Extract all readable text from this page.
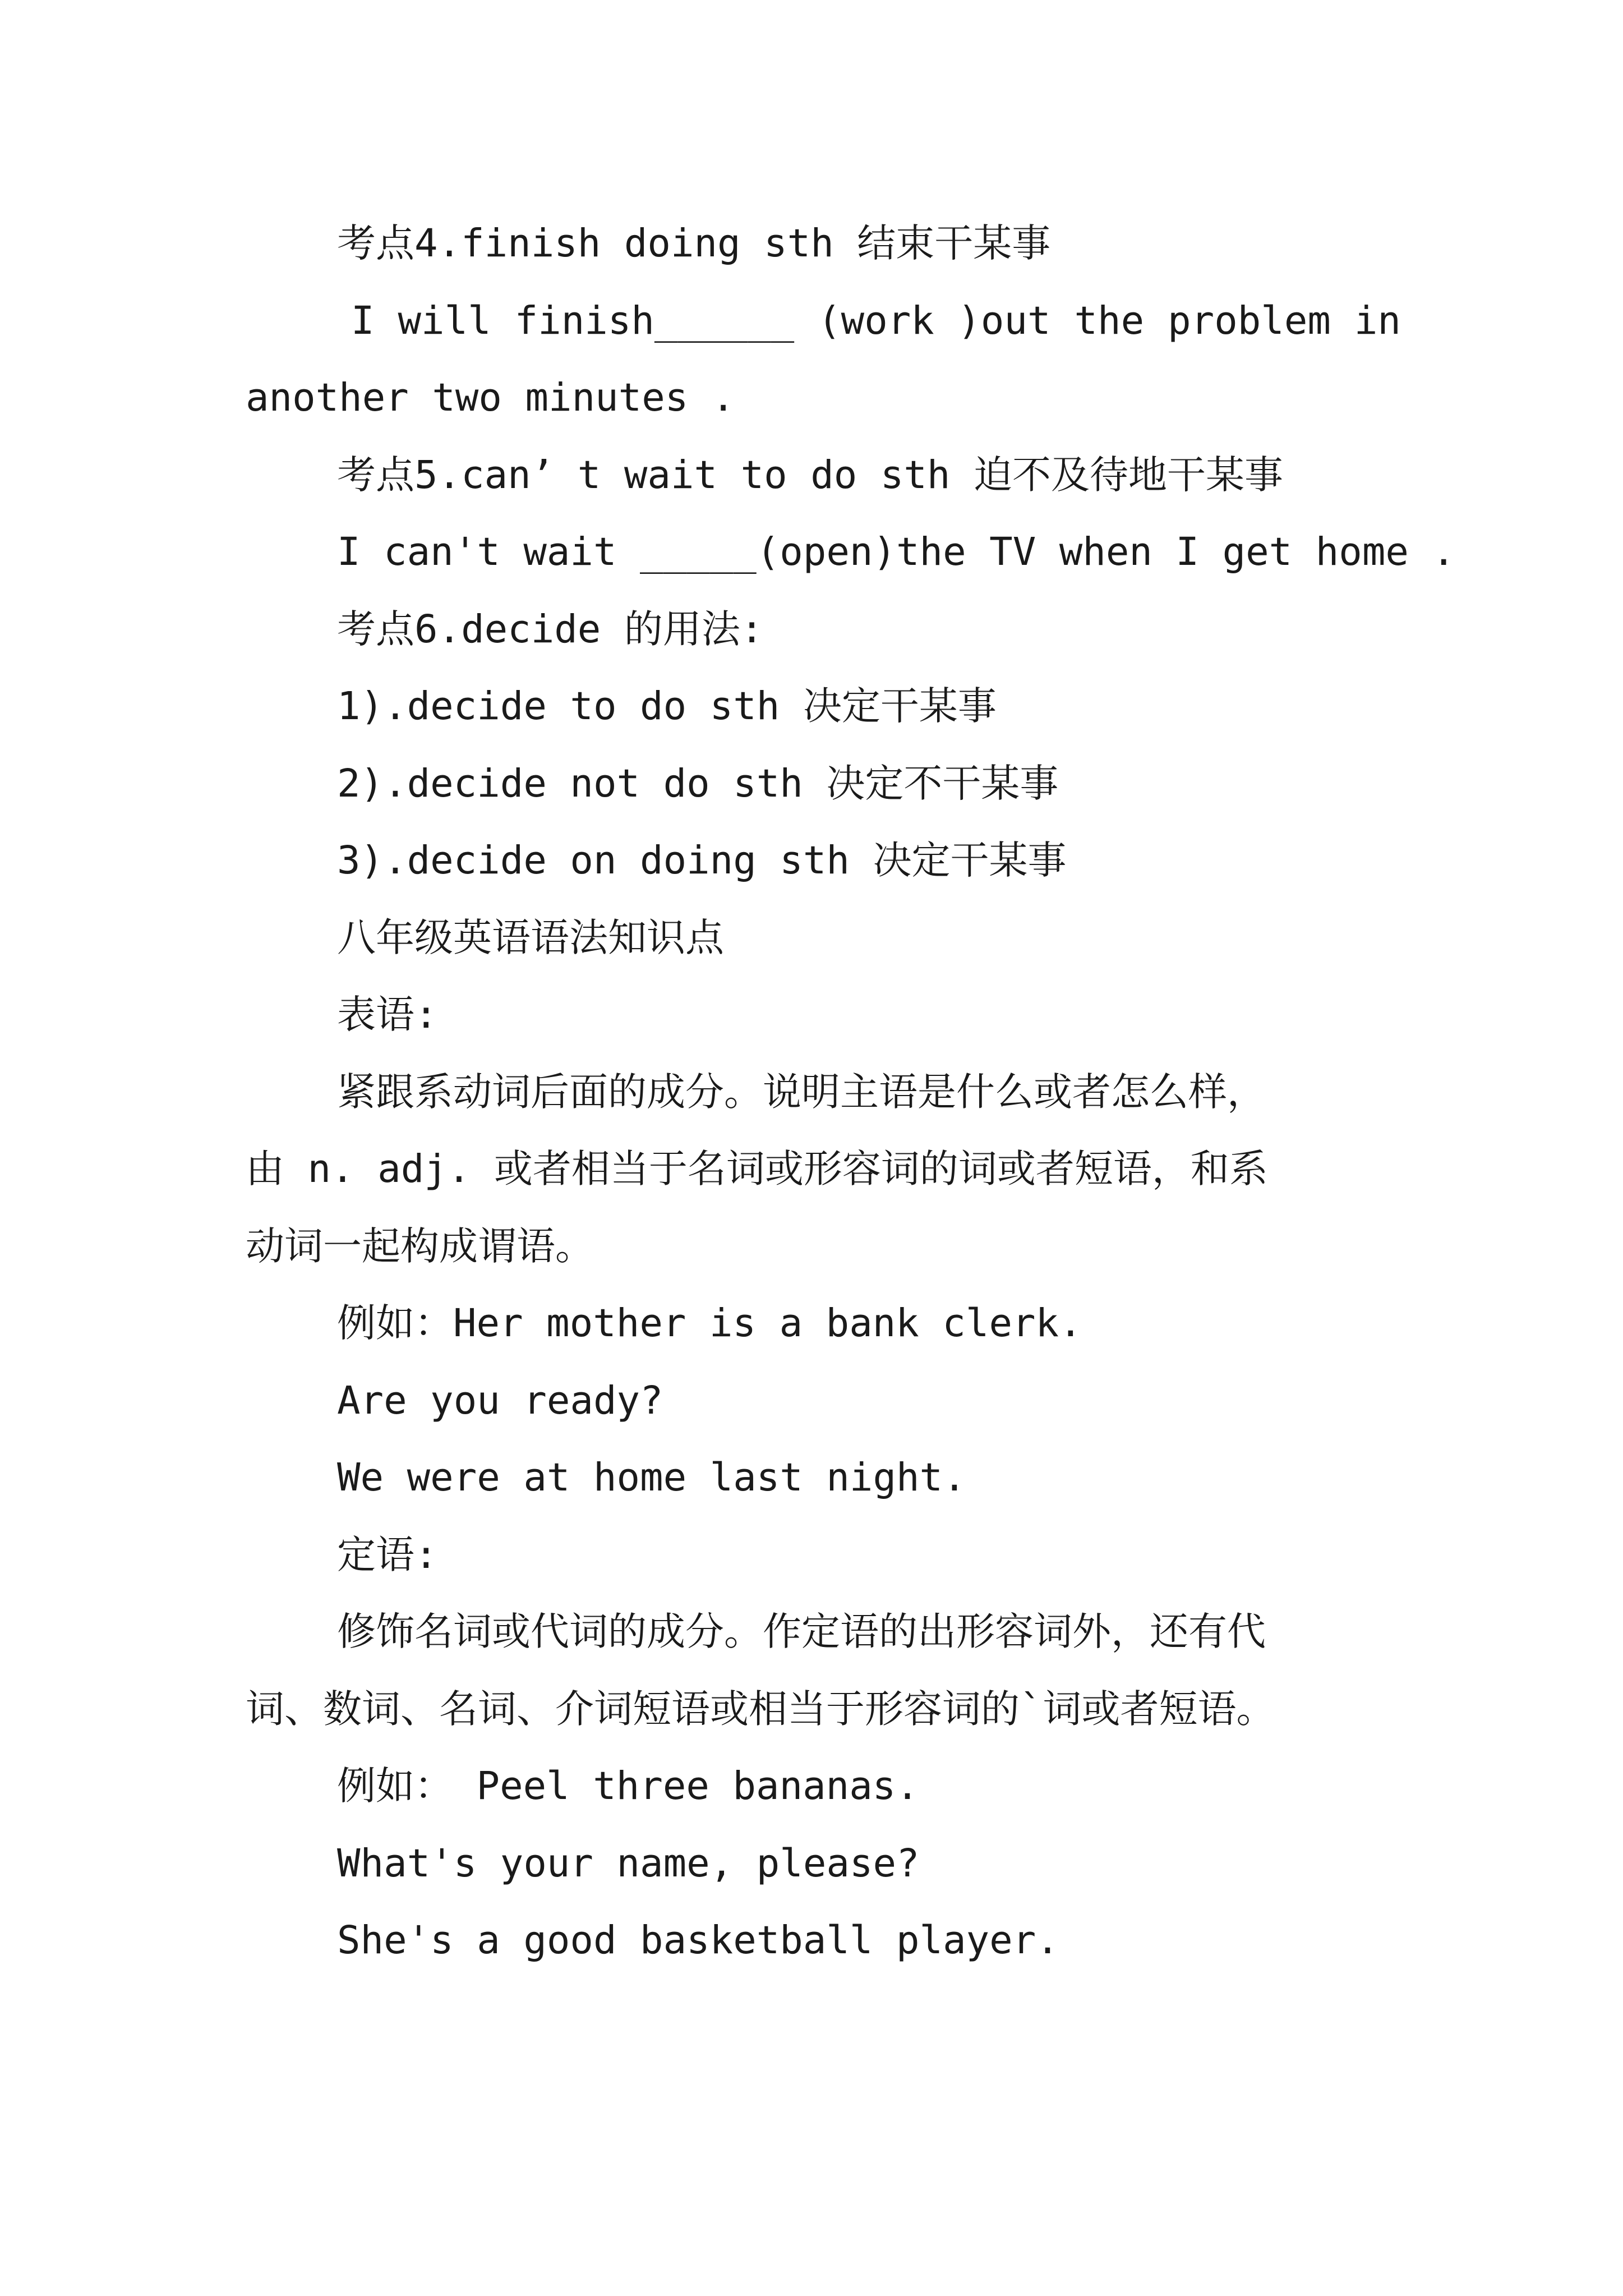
考点4.finish doing sth 结束干某事
I will finish______ (work )out the problem in
another two minutes .
考点5.can’ t wait to do sth 迫不及待地干某事
I can't wait _____(open)the TV when I get home .
考点6.decide 的用法:
1).decide to do sth 决定干某事
2).decide not do sth 决定不干某事
3).decide on doing sth 决定干某事
八年级英语语法知识点
表语:
紧跟系动词后面的成分。说明主语是什么或者怎么样，
由 n. adj. 或者相当于名词或形容词的词或者短语，和系
动词一起构成谓语。
例如：Her mother is a bank clerk.
Are you ready?
We were at home last night.
定语:
修饰名词或代词的成分。作定语的出形容词外，还有代
词、数词、名词、介词短语或相当于形容词的`词或者短语。
例如： Peel three bananas.
What's your name, please?
She's a good basketball player.
